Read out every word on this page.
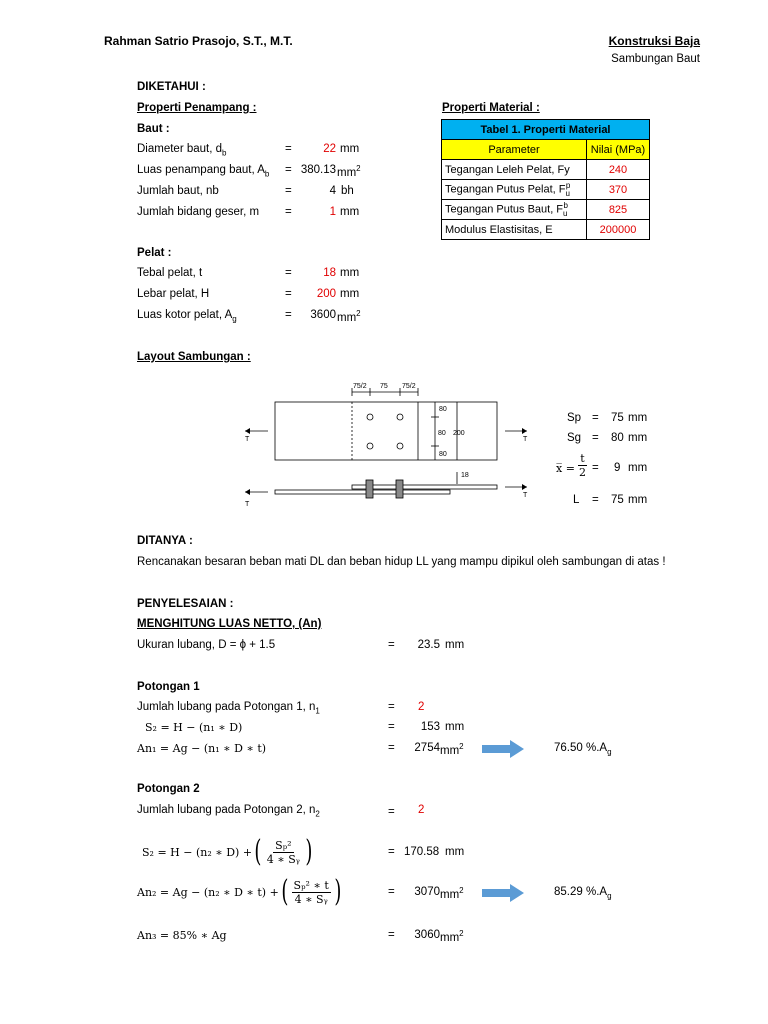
Rahman Satrio Prasojo, S.T., M.T.	Konstruksi Baja
Sambungan Baut
DIKETAHUI :
Properti Penampang :
Baut :
Diameter baut, $d_b$	=	22 mm
Luas penampang baut, $A_b = 380.13$ $mm^2$
Jumlah baut, nb	=	4 bh
Jumlah bidang geser, m =	1 mm
Pelat :
Tebal pelat, t	=	18 mm
Lebar pelat, H	=	200 mm
Luas kotor pelat, $A_g$	=	3600 $mm^2$
Properti Material :
Tabel 1. Properti Material	
Parameter	Nilai (MPa)
Tegangan Leleh Pelat, Fy	240
Tegangan Putus Pelat, $F_u^p$	370
Tegangan Putus Baut, $F_u^b$	825
Modulus Elastisitas, E	200000
Layout Sambungan :
75/2 75 75/2
80
80
80
200
18
T	T
T
T
Sp = 75 mm
Sg = 80 mm
x̅ = $\frac{t}{2} = 9$ mm
L = 75 mm
DITANYA :
Rencanakan besaran beban mati DL dan beban hidup LL yang mampu dipikul oleh sambungan di atas !
PENYELESAIAN :
MENGHITUNG LUAS NETTO, (An)
Ukuran lubang, D = ϕ + 1.5	=	23.5 mm
Potongan 1
Jumlah lubang pada Potongan 1, $n_1$	= 2
S₂ = H − (n₁ ∗ D)	=	153 mm
An₁ = Ag − (n₁ ∗ D ∗ t)	=	2754 $mm^2$	76.50 $\%.A_g$
Potongan 2
Jumlah lubang pada Potongan 2, $n_2$	= 2
S₂ = H − (n₂ ∗ D) + ( $\frac{\text{Sₚ²}}{\text{4 ∗ Sᵧ}}$ )	= 170.58 mm
An₂ = Ag − (n₂ ∗ D ∗ t) + ( $\frac{\text{Sₚ² ∗ t}}{\text{4 ∗ Sᵧ}}$ )	=	3070 $mm^2$	85.29 $\%.A_g$
An₃ = 85% ∗ Ag	=	3060 $mm^2$
